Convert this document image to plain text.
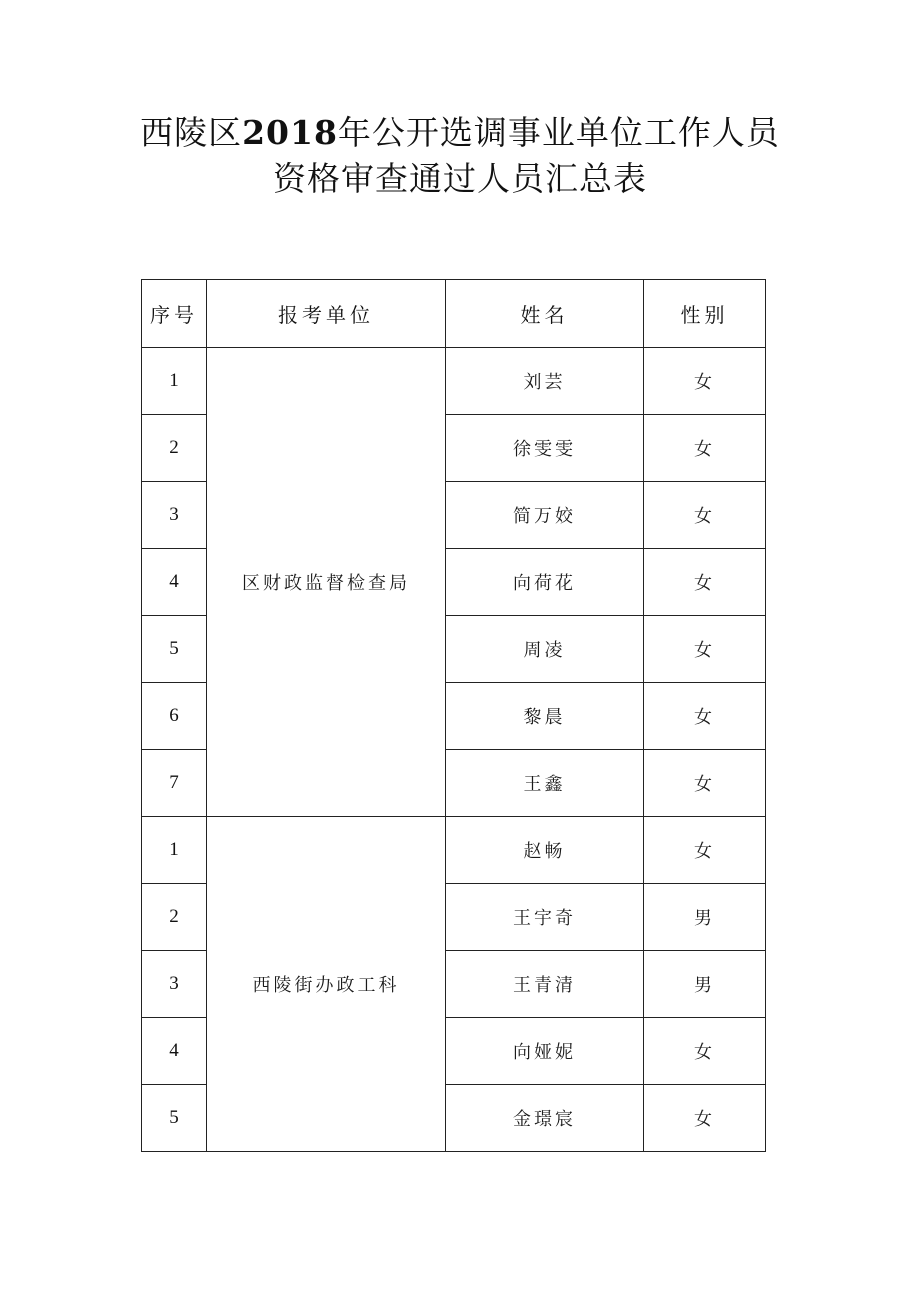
西陵区2018年公开选调事业单位工作人员
资格审查通过人员汇总表
序号	报考单位	姓名	性别
1	区财政监督检查局	刘芸	女
2		徐雯雯	女
3		简万姣	女
4		向荷花	女
5		周凌	女
6		黎晨	女
7		王鑫	女
1	西陵街办政工科	赵畅	女
2		王宇奇	男
3		王青清	男
4		向娅妮	女
5		金璟宸	女
